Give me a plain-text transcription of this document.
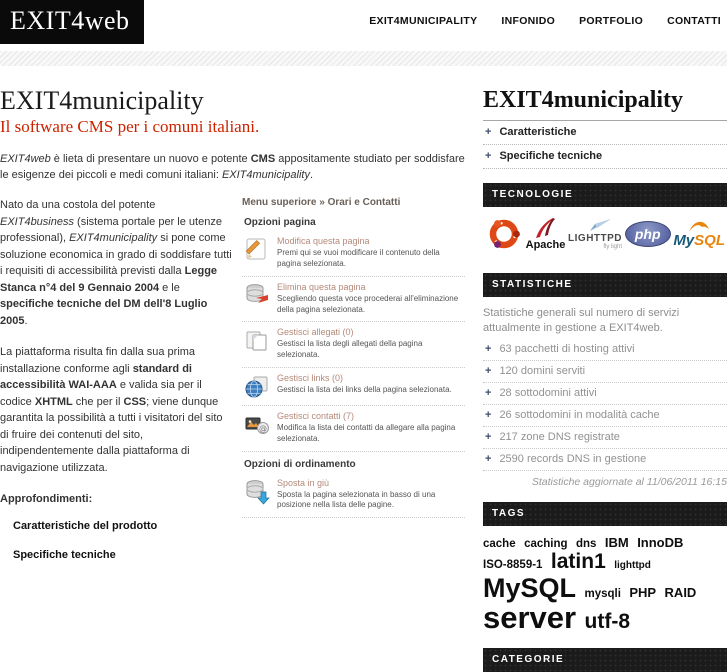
EXIT4web	EXIT4MUNICIPALITY INFONIDO PORTFOLIO CONTATTI
EXIT4municipality
Il software CMS per i comuni italiani.

EXIT4web è lieta di presentare un nuovo e potente CMS appositamente studiato per soddisfare le esigenze dei piccoli e medi comuni italiani: EXIT4municipality.

Nato da una costola del potente EXIT4business (sistema portale per le utenze professional), EXIT4municipality si pone come soluzione economica in grado di soddisfare tutti i requisiti di accessibilità previsti dalla Legge Stanca n°4 del 9 Gennaio 2004 e le specifiche tecniche del DM dell'8 Luglio 2005.

La piattaforma risulta fin dalla sua prima installazione conforme agli standard di accessibilità WAI-AAA e valida sia per il codice XHTML che per il CSS; viene dunque garantita la possibilità a tutti i visitatori del sito di fruire dei contenuti del sito, indipendentemente dalla piattaforma di navigazione utilizzata.

Approfondimenti:
Caratteristiche del prodotto
Specifiche tecniche
Menu superiore » Orari e Contatti
Opzioni pagina
Modifica questa pagina
Premi qui se vuoi modificare il contenuto della pagina selezionata.
Elimina questa pagina
Scegliendo questa voce procederai all'eliminazione della pagina selezionata.
Gestisci allegati (0)
Gestisci la lista degli allegati della pagina selezionata.
Gestisci links (0)
Gestisci la lista dei links della pagina selezionata.
@
Gestisci contatti (7)
Modifica la lista dei contatti da allegare alla pagina selezionata.
Opzioni di ordinamento
Sposta in giù
Sposta la pagina selezionata in basso di una posizione nella lista delle pagine.
EXIT4municipality
+ Caratteristiche
+ Specifiche tecniche
TECNOLOGIE
Apache
LIGHTTPD
fly light
php MySQL
STATISTICHE

Statistiche generali sul numero di servizi attualmente in gestione a EXIT4web.

+ 63 pacchetti di hosting attivi
+ 120 domini serviti
+ 28 sottodomini attivi
+ 26 sottodomini in modalità cache
+ 217 zone DNS registrate
+ 2590 records DNS in gestione
Statistiche aggiornate al 11/06/2011 16:15
TAGS
cache caching dns IBM InnoDB ISO-8859-1 latin1 lighttpd MySQL mysqli PHP RAID server utf-8
CATEGORIE
